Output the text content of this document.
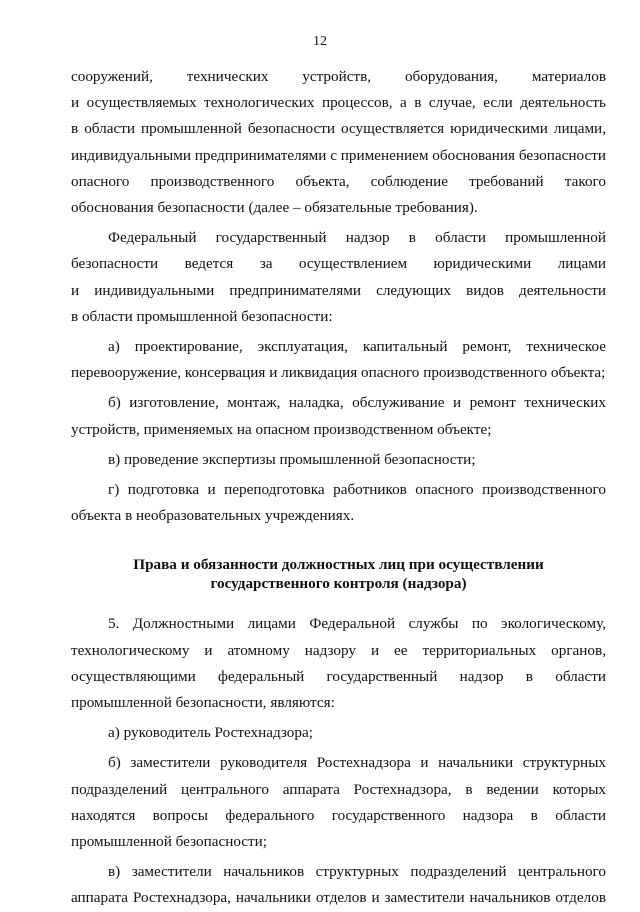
12

сооружений, технических устройств, оборудования, материалов
и осуществляемых технологических процессов, а в случае, если деятельность
в области промышленной безопасности осуществляется юридическими лицами,
индивидуальными предпринимателями с применением обоснования безопасности
опасного производственного объекта, соблюдение требований такого
обоснования безопасности (далее – обязательные требования).

Федеральный государственный надзор в области промышленной
безопасности ведется за осуществлением юридическими лицами
и индивидуальными предпринимателями следующих видов деятельности
в области промышленной безопасности:

а) проектирование, эксплуатация, капитальный ремонт, техническое
перевооружение, консервация и ликвидация опасного производственного объекта;

б) изготовление, монтаж, наладка, обслуживание и ремонт технических
устройств, применяемых на опасном производственном объекте;

в) проведение экспертизы промышленной безопасности;

г) подготовка и переподготовка работников опасного производственного
объекта в необразовательных учреждениях.

Права и обязанности должностных лиц при осуществлении
государственного контроля (надзора)

5. Должностными лицами Федеральной службы по экологическому,
технологическому и атомному надзору и ее территориальных органов,
осуществляющими федеральный государственный надзор в области
промышленной безопасности, являются:

а) руководитель Ростехнадзора;

б) заместители руководителя Ростехнадзора и начальники структурных
подразделений центрального аппарата Ростехнадзора, в ведении которых
находятся вопросы федерального государственного надзора в области
промышленной безопасности;

в) заместители начальников структурных подразделений центрального
аппарата Ростехнадзора, начальники отделов и заместители начальников отделов
